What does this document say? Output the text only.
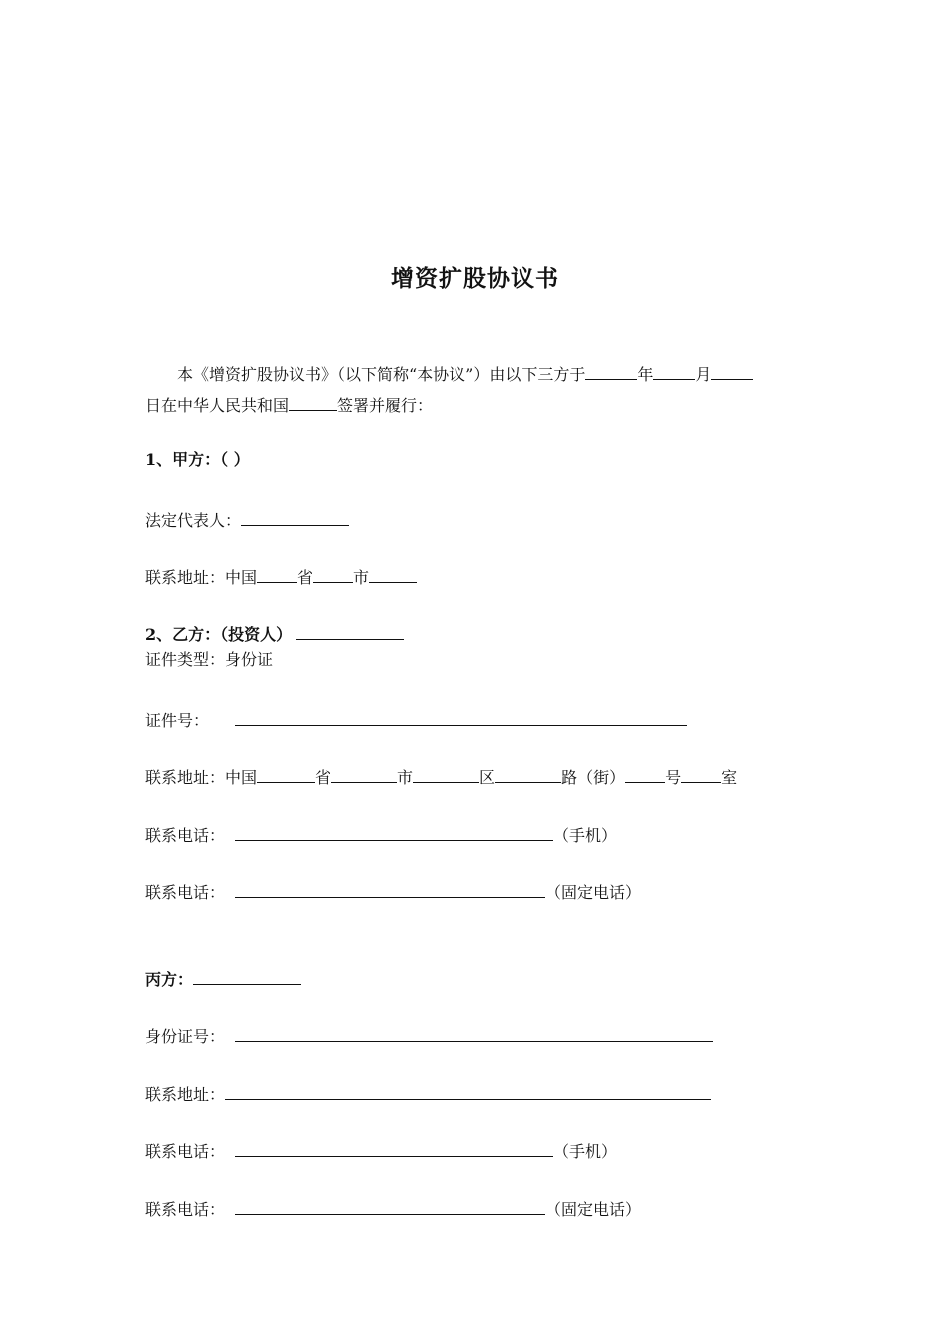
增资扩股协议书
本《增资扩股协议书》（以下简称“本协议”）由以下三方于	年	月
日在中华人民共和国	签署并履行：
1、甲方：（ ）
法定代表人：
联系地址：中国	省	市
2、乙方：（投资人）
证件类型：身份证
证件号：
联系地址：中国	省	市	区	路（街）	号	室
联系电话：	（手机）
联系电话：	（固定电话）
丙方：
身份证号：
联系地址：
联系电话：	（手机）
联系电话：	（固定电话）
